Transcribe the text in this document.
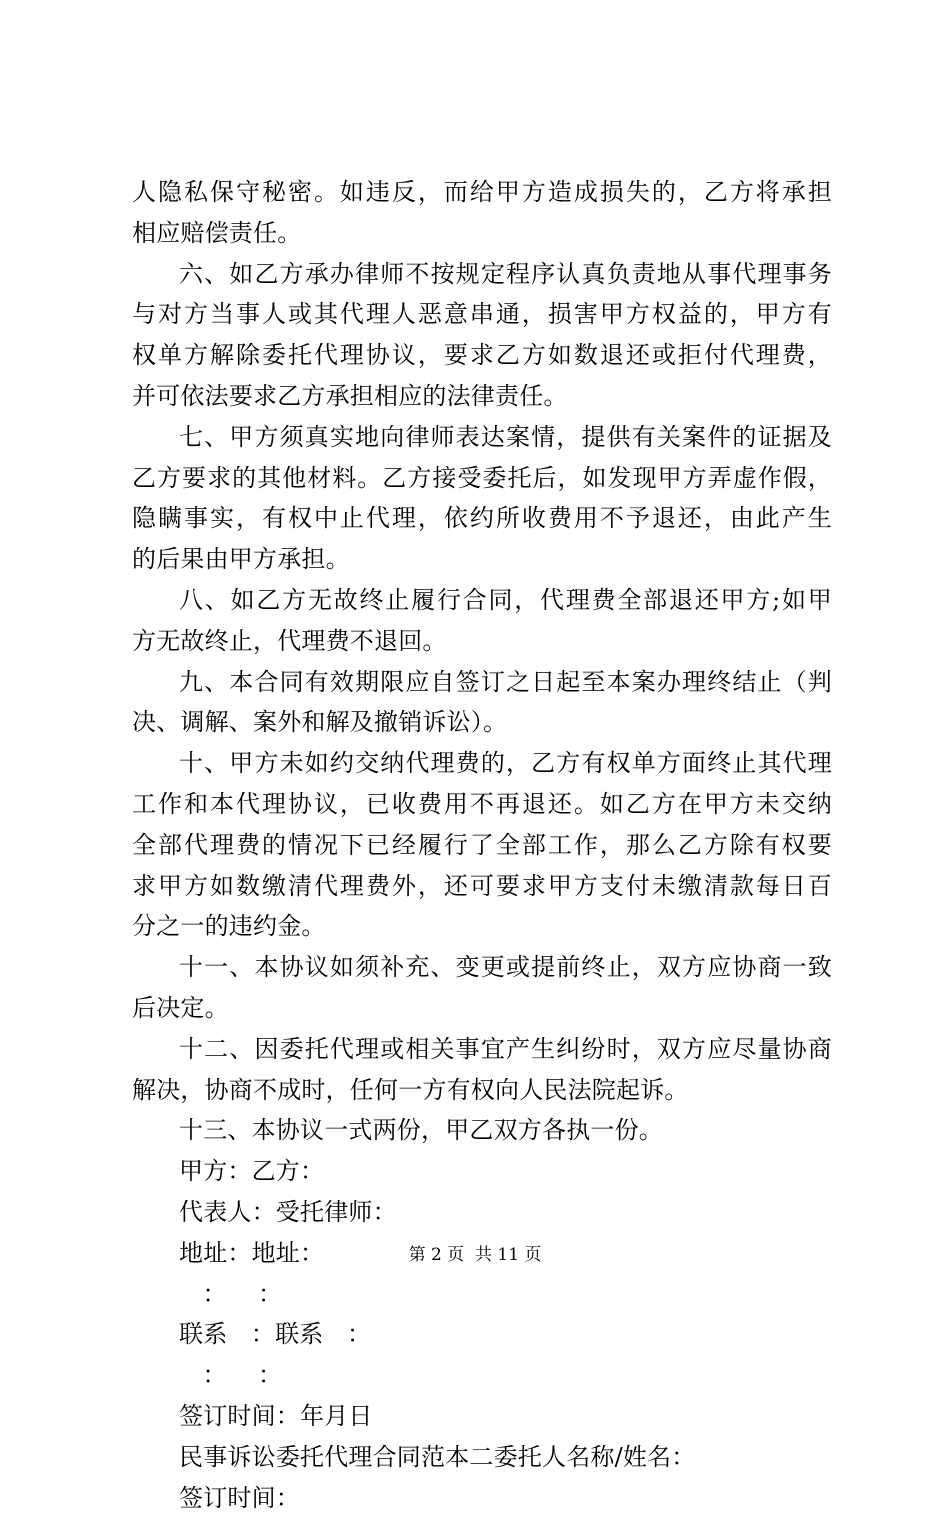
人隐私保守秘密。如违反，而给甲方造成损失的，乙方将承担
相应赔偿责任。
六、如乙方承办律师不按规定程序认真负责地从事代理事务
与对方当事人或其代理人恶意串通，损害甲方权益的，甲方有
权单方解除委托代理协议，要求乙方如数退还或拒付代理费，
并可依法要求乙方承担相应的法律责任。
七、甲方须真实地向律师表达案情，提供有关案件的证据及
乙方要求的其他材料。乙方接受委托后，如发现甲方弄虚作假，
隐瞒事实，有权中止代理，依约所收费用不予退还，由此产生
的后果由甲方承担。
八、如乙方无故终止履行合同，代理费全部退还甲方;如甲
方无故终止，代理费不退回。
九、本合同有效期限应自签订之日起至本案办理终结止（判
决、调解、案外和解及撤销诉讼）。
十、甲方未如约交纳代理费的，乙方有权单方面终止其代理
工作和本代理协议，已收费用不再退还。如乙方在甲方未交纳
全部代理费的情况下已经履行了全部工作，那么乙方除有权要
求甲方如数缴清代理费外，还可要求甲方支付未缴清款每日百
分之一的违约金。
十一、本协议如须补充、变更或提前终止，双方应协商一致
后决定。
十二、因委托代理或相关事宜产生纠纷时，双方应尽量协商
解决，协商不成时，任何一方有权向人民法院起诉。
十三、本协议一式两份，甲乙双方各执一份。
甲方：乙方：
代表人：受托律师：
地址：地址：
：    ：
联系   ：联系   ：
：    ：
签订时间：年月日
民事诉讼委托代理合同范本二委托人名称/姓名：
签订时间：
第 2 页  共 11 页
